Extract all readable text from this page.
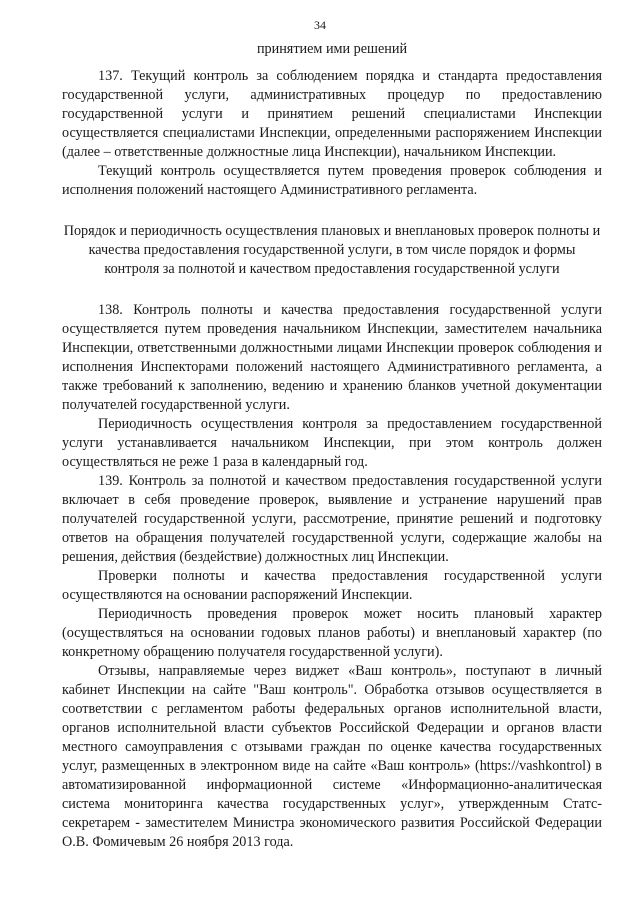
34
принятием ими решений

137. Текущий контроль за соблюдением порядка и стандарта предоставления государственной услуги, административных процедур по предоставлению государственной услуги и принятием решений специалистами Инспекции осуществляется специалистами Инспекции, определенными распоряжением Инспекции (далее – ответственные должностные лица Инспекции), начальником Инспекции.

Текущий контроль осуществляется путем проведения проверок соблюдения и исполнения положений настоящего Административного регламента.

Порядок и периодичность осуществления плановых и внеплановых проверок полноты и качества предоставления государственной услуги, в том числе порядок и формы контроля за полнотой и качеством предоставления государственной услуги

138. Контроль полноты и качества предоставления государственной услуги осуществляется путем проведения начальником Инспекции, заместителем начальника Инспекции, ответственными должностными лицами Инспекции проверок соблюдения и исполнения Инспекторами положений настоящего Административного регламента, а также требований к заполнению, ведению и хранению бланков учетной документации получателей государственной услуги.

Периодичность осуществления контроля за предоставлением государственной услуги устанавливается начальником Инспекции, при этом контроль должен осуществляться не реже 1 раза в календарный год.

139. Контроль за полнотой и качеством предоставления государственной услуги включает в себя проведение проверок, выявление и устранение нарушений прав получателей государственной услуги, рассмотрение, принятие решений и подготовку ответов на обращения получателей государственной услуги, содержащие жалобы на решения, действия (бездействие) должностных лиц Инспекции.

Проверки полноты и качества предоставления государственной услуги осуществляются на основании распоряжений Инспекции.

Периодичность проведения проверок может носить плановый характер (осуществляться на основании годовых планов работы) и внеплановый характер (по конкретному обращению получателя государственной услуги).

Отзывы, направляемые через виджет «Ваш контроль», поступают в личный кабинет Инспекции на сайте "Ваш контроль". Обработка отзывов осуществляется в соответствии с регламентом работы федеральных органов исполнительной власти, органов исполнительной власти субъектов Российской Федерации и органов власти местного самоуправления с отзывами граждан по оценке качества государственных услуг, размещенных в электронном виде на сайте «Ваш контроль» (https://vashkontrol) в автоматизированной информационной системе «Информационно-аналитическая система мониторинга качества государственных услуг», утвержденным Статс-секретарем - заместителем Министра экономического развития Российской Федерации О.В. Фомичевым 26 ноября 2013 года.
